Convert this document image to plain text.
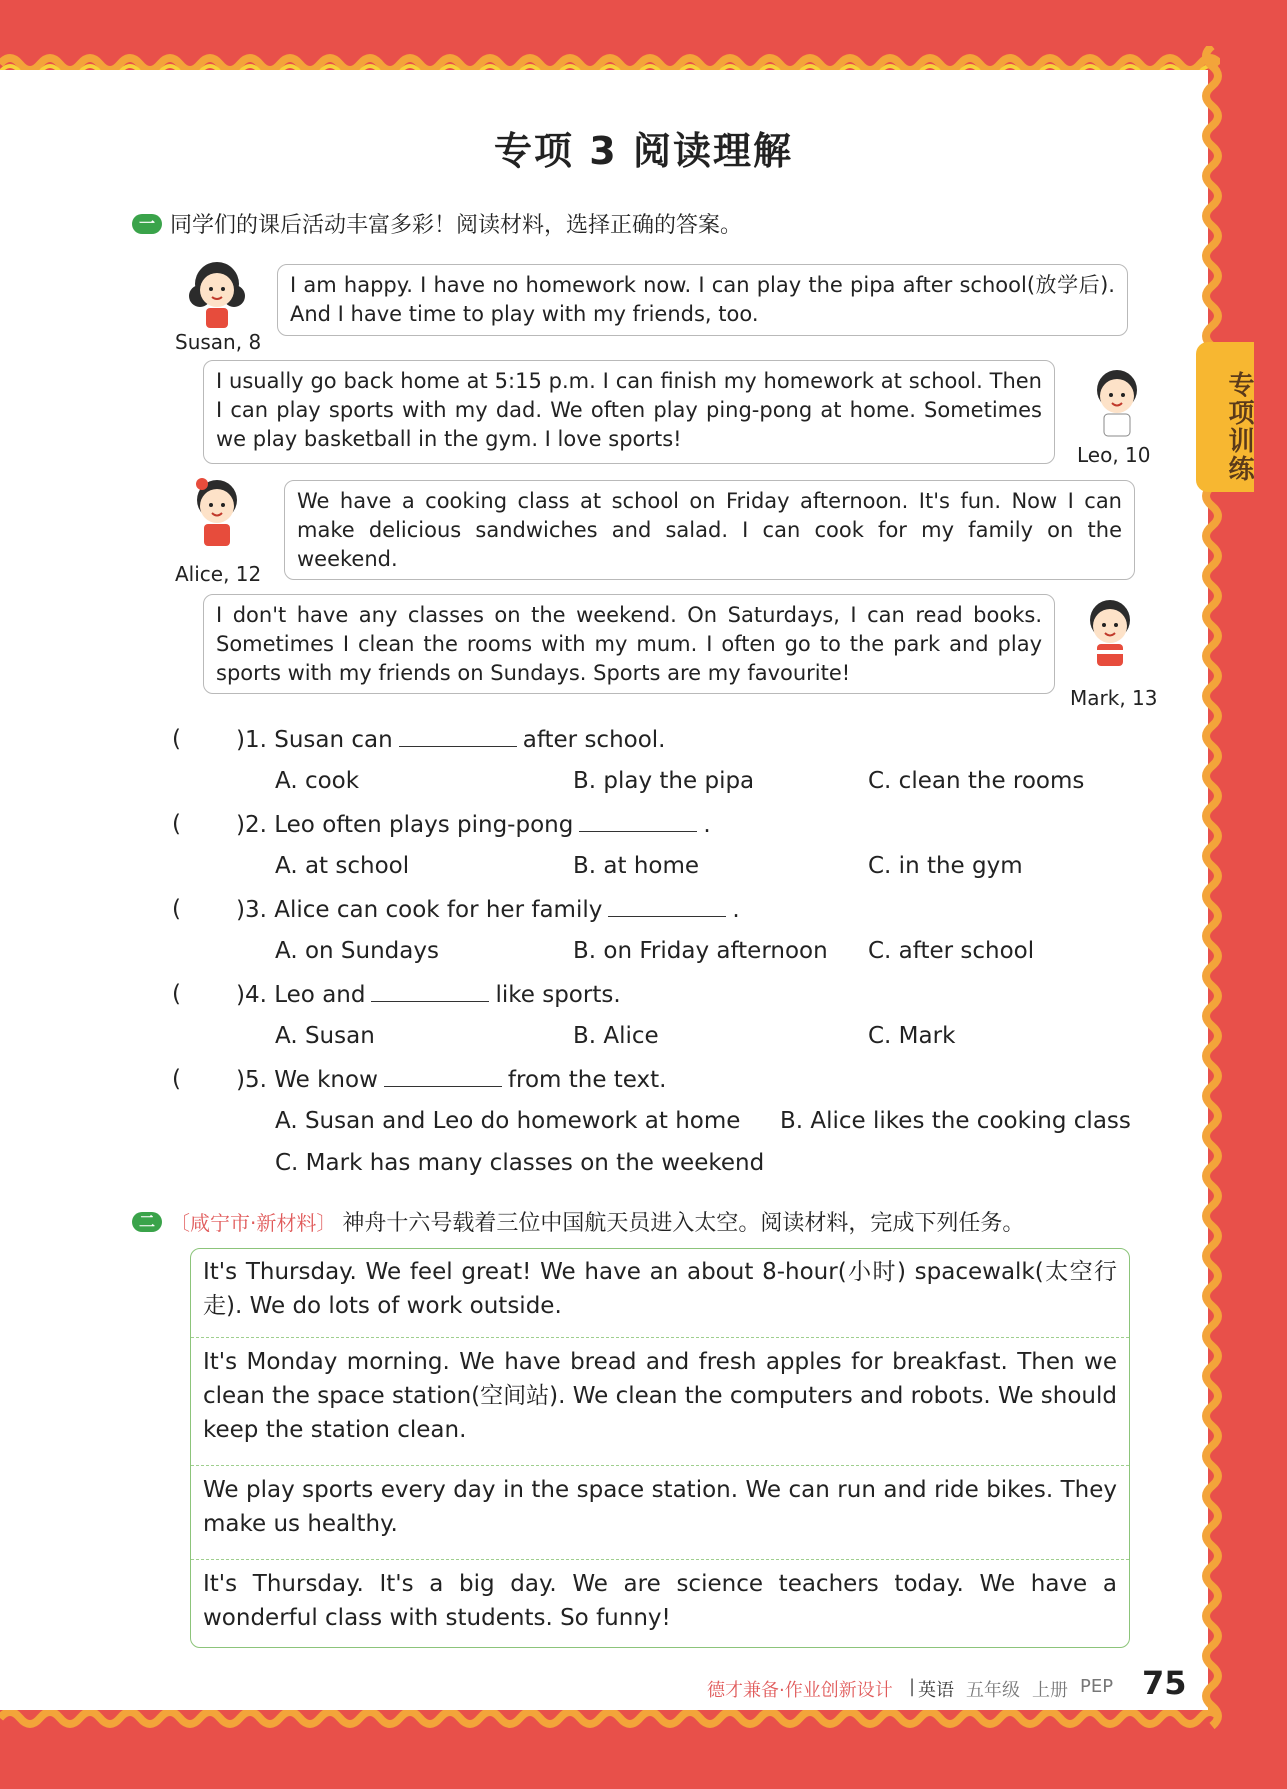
专项训练
专项 3 阅读理解
一 同学们的课后活动丰富多彩！阅读材料，选择正确的答案。
Susan, 8
I am happy. I have no homework now. I can play the pipa after school(放学后). And I have time to play with my friends, too.
I usually go back home at 5:15 p.m. I can finish my homework at school. Then I can play sports with my dad. We often play ping-pong at home. Sometimes we play basketball in the gym. I love sports!
Leo, 10
Alice, 12
We have a cooking class at school on Friday afternoon. It's fun. Now I can make delicious sandwiches and salad. I can cook for my family on the weekend.
I don't have any classes on the weekend. On Saturdays, I can read books. Sometimes I clean the rooms with my mum. I often go to the park and play sports with my friends on Sundays. Sports are my favourite!
Mark, 13
( )1. Susan can	after school.
A. cook	B. play the pipa	C. clean the rooms
( )2. Leo often plays ping-pong	.
A. at school	B. at home	C. in the gym
( )3. Alice can cook for her family	.
A. on Sundays	B. on Friday afternoon C. after school
( )4. Leo and	like sports.
A. Susan	B. Alice	C. Mark
( )5. We know	from the text.
A. Susan and Leo do homework at home B. Alice likes the cooking class
C. Mark has many classes on the weekend
二 〔咸宁市·新材料〕 神舟十六号载着三位中国航天员进入太空。阅读材料，完成下列任务。
It's Thursday. We feel great! We have an about 8-hour(小时) spacewalk(太空行走). We do lots of work outside.
It's Monday morning. We have bread and fresh apples for breakfast. Then we clean the space station(空间站). We clean the computers and robots. We should keep the station clean.
We play sports every day in the space station. We can run and ride bikes. They make us healthy.
It's Thursday. It's a big day. We are science teachers today. We have a wonderful class with students. So funny!
德才兼备·作业创新设计 | 英语 五年级 上册 PEP 75
